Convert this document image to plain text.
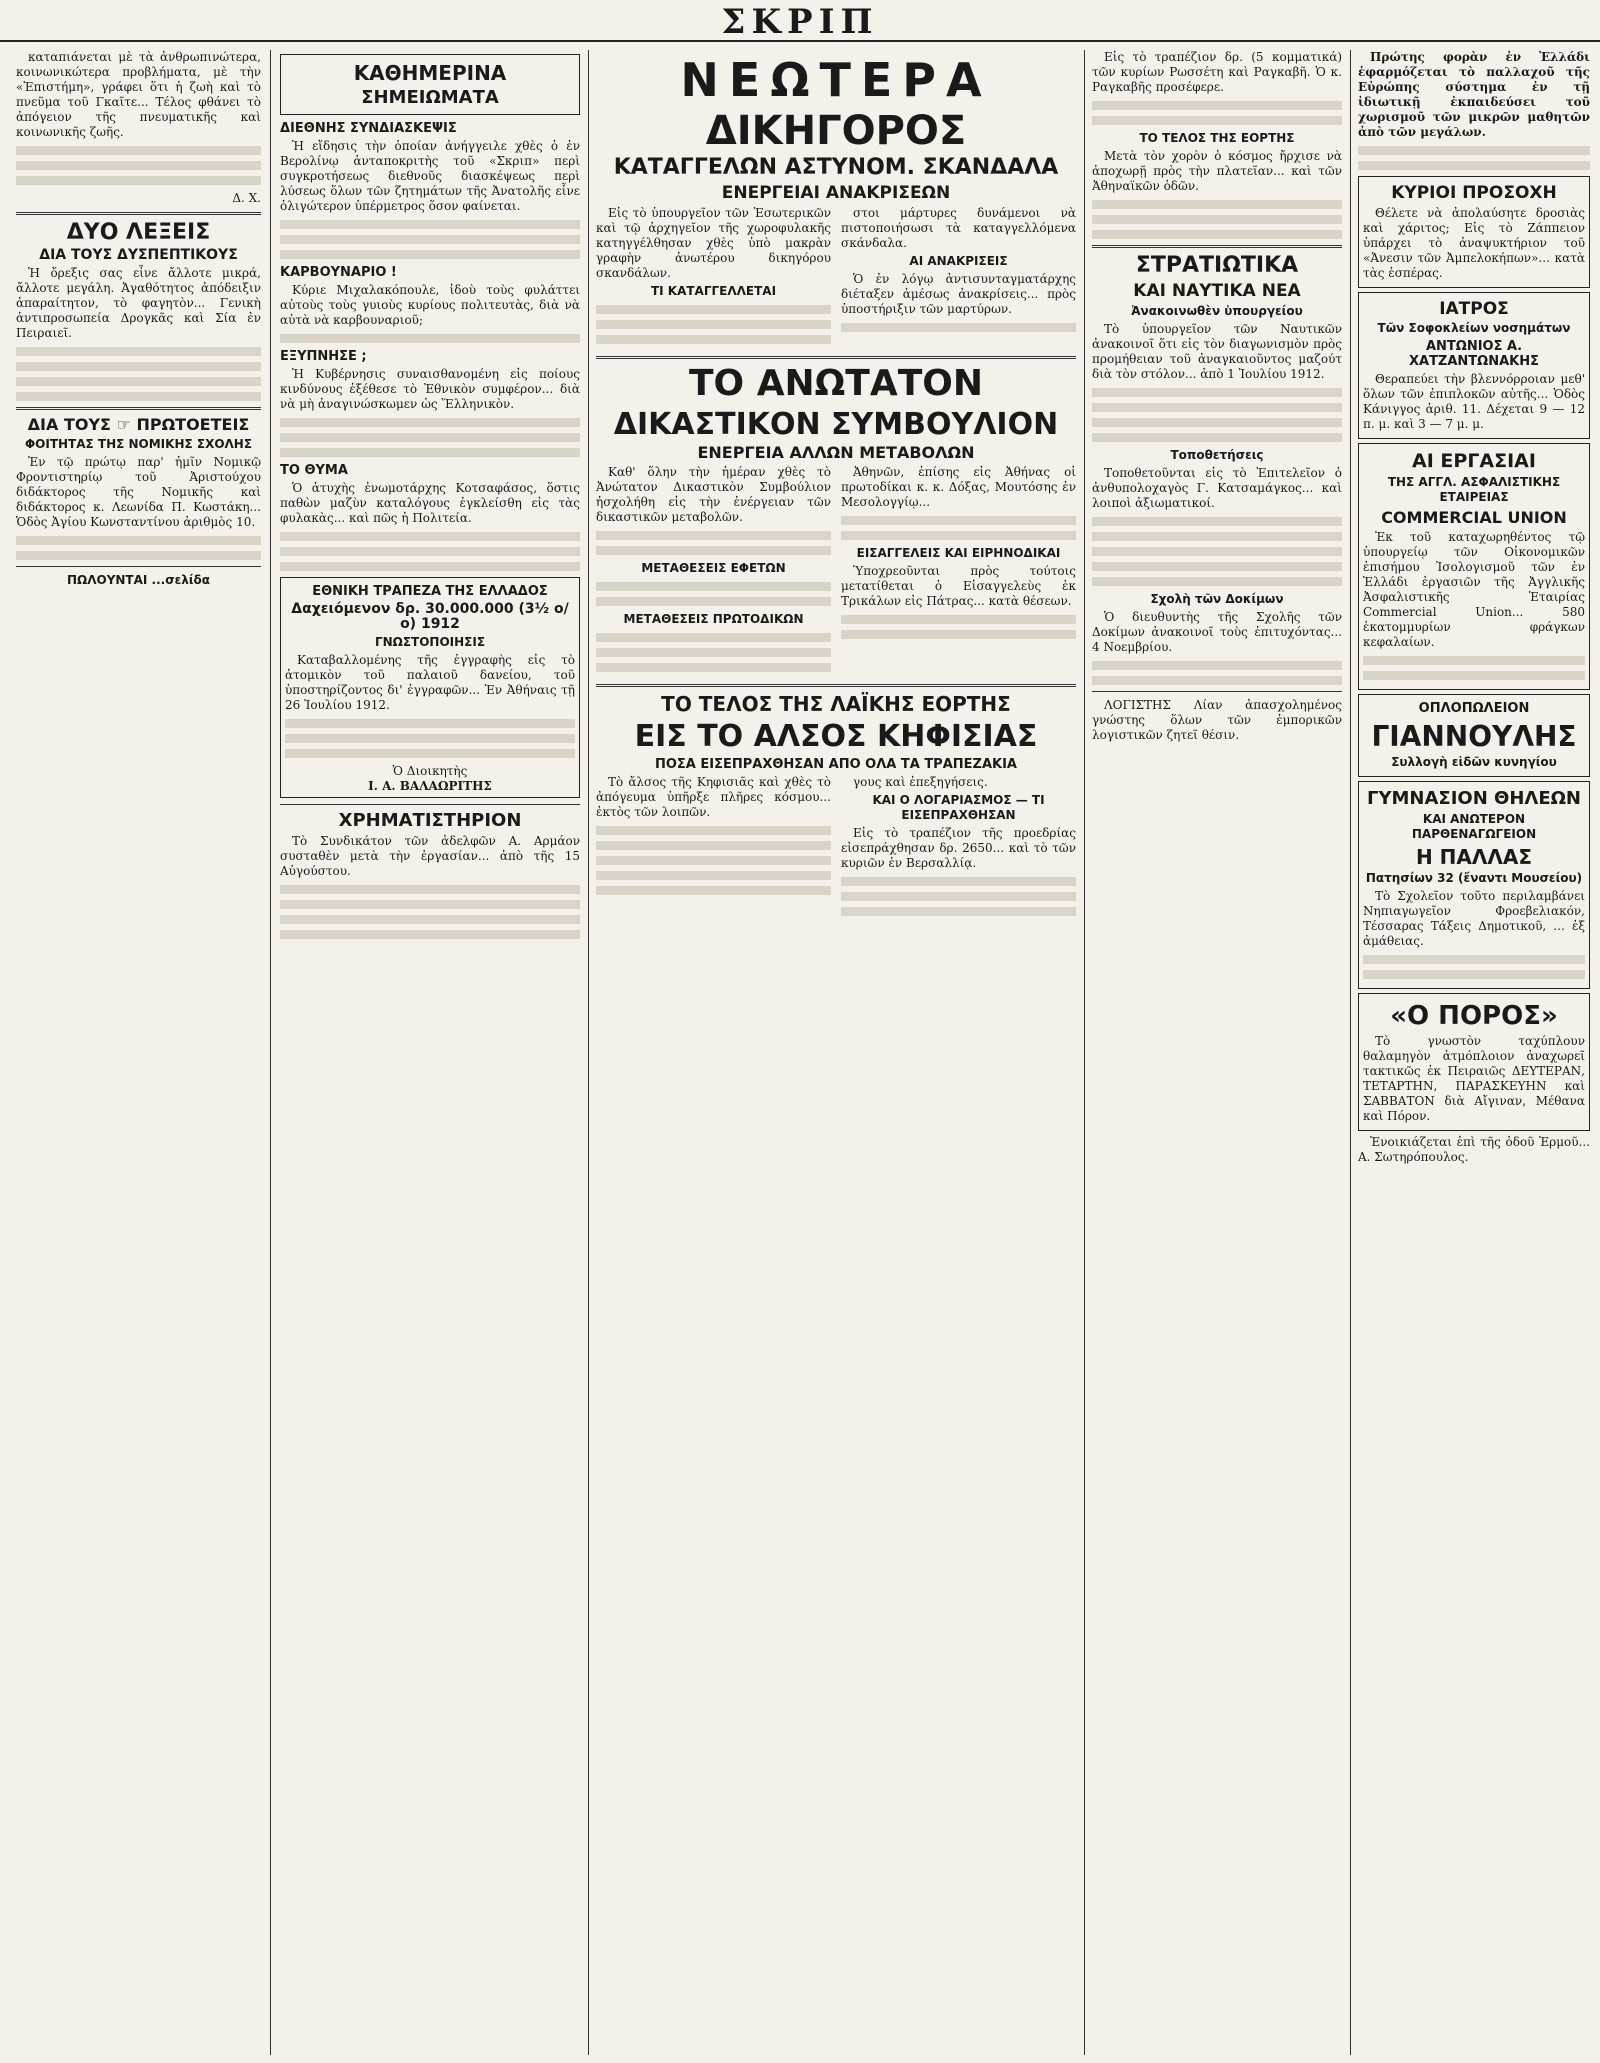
ΣΚΡΙΠ

καταπιάνεται μὲ τὰ ἀνθρωπινώτερα, κοινωνικώτερα προβλήματα, μὲ τὴν «Ἐπιστήμη», γράφει ὅτι ἡ ζωὴ καὶ τὸ πνεῦμα τοῦ Γκαῖτε... Τέλος φθάνει τὸ ἀπόγειον τῆς πνευματικῆς καὶ κοινωνικῆς ζωῆς.

Δ. Χ.
ΔΥΟ ΛΕΞΕΙΣ
ΔΙΑ ΤΟΥΣ ΔΥΣΠΕΠΤΙΚΟΥΣ

Ἡ ὄρεξις σας εἶνε ἄλλοτε μικρά, ἄλλοτε μεγάλη. Ἀγαθότητος ἀπόδειξιν ἀπαραίτητον, τὸ φαγητὸν... Γενικὴ ἀντιπροσωπεία Δρογκᾶς καὶ Σία ἐν Πειραιεῖ.

ΔΙΑ ΤΟΥΣ ☞ ΠΡΩΤΟΕΤΕΙΣ
ΦΟΙΤΗΤΑΣ ΤΗΣ ΝΟΜΙΚΗΣ ΣΧΟΛΗΣ

Ἐν τῷ πρώτῳ παρ' ἡμῖν Νομικῷ Φροντιστηρίῳ τοῦ Ἀριστούχου διδάκτορος τῆς Νομικῆς καὶ διδάκτορος κ. Λεωνίδα Π. Κωστάκη... Ὁδὸς Ἀγίου Κωνσταντίνου ἀριθμὸς 10.

ΠΩΛΟΥΝΤΑΙ ...σελίδα
ΚΑΘΗΜΕΡΙΝΑ
ΣΗΜΕΙΩΜΑΤΑ
ΔΙΕΘΝΗΣ ΣΥΝΔΙΑΣΚΕΨΙΣ

Ἡ εἴδησις τὴν ὁποίαν ἀνήγγειλε χθὲς ὁ ἐν Βερολίνῳ ἀνταποκριτὴς τοῦ «Σκριπ» περὶ συγκροτήσεως διεθνοῦς διασκέψεως περὶ λύσεως ὅλων τῶν ζητημάτων τῆς Ἀνατολῆς εἶνε ὀλιγώτερον ὑπέρμετρος ὅσον φαίνεται.

ΚΑΡΒΟΥΝΑΡΙΟ !

Κύριε Μιχαλακόπουλε, ἰδοὺ τοὺς φυλάττει αὐτοὺς τοὺς γυιοὺς κυρίους πολιτευτὰς, διὰ νὰ αὐτὰ νὰ καρβουναριοῦ;

ΕΞΥΠΝΗΣΕ ;

Ἡ Κυβέρνησις συναισθανομένη εἰς ποίους κινδύνους ἐξέθεσε τὸ Ἐθνικὸν συμφέρον... διὰ νὰ μὴ ἀναγινώσκωμεν ὡς Ἕλληνικὸν.

ΤΟ ΘΥΜΑ

Ὁ ἀτυχὴς ἐνωμοτάρχης Κοτσαφάσος, ὅστις παθὼν μαζὺν καταλόγους ἐγκλείσθη εἰς τὰς φυλακὰς... καὶ πῶς ἡ Πολιτεία.

ΕΘΝΙΚΗ ΤΡΑΠΕΖΑ ΤΗΣ ΕΛΛΑΔΟΣ
Δαχειόμενον δρ. 30.000.000 (3½ ο/ο) 1912
ΓΝΩΣΤΟΠΟΙΗΣΙΣ

Καταβαλλομένης τῆς ἐγγραφὴς εἰς τὸ ἀτομικὸν τοῦ παλαιοῦ δανείου, τοῦ ὑποστηρίζοντος δι' ἐγγραφῶν... Ἐν Ἀθήναις τῇ 26 Ἰουλίου 1912.

Ὁ Διοικητὴς
Ι. Α. ΒΑΛΑΩΡΙΤΗΣ
ΧΡΗΜΑΤΙΣΤΗΡΙΟΝ

Τὸ Συνδικάτον τῶν ἀδελφῶν Α. Αρμάον συσταθὲν μετὰ τὴν ἐργασίαν... ἀπὸ τῆς 15 Αὐγούστου.

ΝΕΩΤΕΡΑ
ΔΙΚΗΓΟΡΟΣ
ΚΑΤΑΓΓΕΛΩΝ ΑΣΤΥΝΟΜ. ΣΚΑΝΔΑΛΑ
ΕΝΕΡΓΕΙΑΙ ΑΝΑΚΡΙΣΕΩΝ

Εἰς τὸ ὑπουργεῖον τῶν Ἐσωτερικῶν καὶ τῷ ἀρχηγεῖον τῆς χωροφυλακῆς κατηγγέλθησαν χθὲς ὑπὸ μακρὰν γραφὴν ἀνωτέρου δικηγόρου σκανδάλων.

ΤΙ ΚΑΤΑΓΓΕΛΛΕΤΑΙ

στοι μάρτυρες δυνάμενοι νὰ πιστοποιήσωσι τὰ καταγγελλόμενα σκάνδαλα.

ΑΙ ΑΝΑΚΡΙΣΕΙΣ

Ὁ ἐν λόγῳ ἀντισυνταγματάρχης διέταξεν ἀμέσως ἀνακρίσεις... πρὸς ὑποστήριξιν τῶν μαρτύρων.

ΤΟ ΑΝΩΤΑΤΟΝ
ΔΙΚΑΣΤΙΚΟΝ ΣΥΜΒΟΥΛΙΟΝ
ΕΝΕΡΓΕΙΑ ΑΛΛΩΝ ΜΕΤΑΒΟΛΩΝ

Καθ' ὅλην τὴν ἡμέραν χθὲς τὸ Ἀνώτατον Δικαστικὸν Συμβούλιον ἠσχολήθη εἰς τὴν ἐνέργειαν τῶν δικαστικῶν μεταβολῶν.

ΜΕΤΑΘΕΣΕΙΣ ΕΦΕΤΩΝ
ΜΕΤΑΘΕΣΕΙΣ ΠΡΩΤΟΔΙΚΩΝ

Ἀθηνῶν, ἐπίσης εἰς Ἀθήνας οἱ πρωτοδίκαι κ. κ. Δόξας, Μουτόσης ἐν Μεσολογγίῳ...

ΕΙΣΑΓΓΕΛΕΙΣ ΚΑΙ ΕΙΡΗΝΟΔΙΚΑΙ

Ὑποχρεοῦνται πρὸς τούτοις μετατίθεται ὁ Εἰσαγγελεὺς ἐκ Τρικάλων εἰς Πάτρας... κατὰ θέσεων.

ΤΟ ΤΕΛΟΣ ΤΗΣ ΛΑΪΚΗΣ ΕΟΡΤΗΣ
ΕΙΣ ΤΟ ΑΛΣΟΣ ΚΗΦΙΣΙΑΣ
ΠΟΣΑ ΕΙΣΕΠΡΑΧΘΗΣΑΝ ΑΠΟ ΟΛΑ ΤΑ ΤΡΑΠΕΖΑΚΙΑ

Τὸ ἄλσος τῆς Κηφισιᾶς καὶ χθὲς τὸ ἀπόγευμα ὑπῆρξε πλῆρες κόσμου... ἐκτὸς τῶν λοιπῶν.

γους καὶ ἐπεξηγήσεις.

ΚΑΙ Ο ΛΟΓΑΡΙΑΣΜΟΣ — ΤΙ ΕΙΣΕΠΡΑΧΘΗΣΑΝ

Εἰς τὸ τραπέζιον τῆς προεδρίας εἰσεπράχθησαν δρ. 2650... καὶ τὸ τῶν κυριῶν ἐν Βερσαλλίᾳ.

Εἰς τὸ τραπέζιον δρ. (5 κομματικά) τῶν κυρίων Ρωσσέτη καὶ Ραγκαβῆ. Ὁ κ. Ραγκαβῆς προσέφερε.

ΤΟ ΤΕΛΟΣ ΤΗΣ ΕΟΡΤΗΣ

Μετὰ τὸν χορὸν ὁ κόσμος ἤρχισε νὰ ἀποχωρῇ πρὸς τὴν πλατεῖαν... καὶ τῶν Ἀθηναϊκῶν ὁδῶν.

ΣΤΡΑΤΙΩΤΙΚΑ
ΚΑΙ ΝΑΥΤΙΚΑ ΝΕΑ
Ἀνακοινωθὲν ὑπουργείου

Τὸ ὑπουργεῖον τῶν Ναυτικῶν ἀνακοινοῖ ὅτι εἰς τὸν διαγωνισμὸν πρὸς προμήθειαν τοῦ ἀναγκαιοῦντος μαζούτ διὰ τὸν στόλον... ἀπὸ 1 Ἰουλίου 1912.

Τοποθετήσεις

Τοποθετοῦνται εἰς τὸ Ἐπιτελεῖον ὁ ἀνθυπολοχαγὸς Γ. Κατσαμάγκος... καὶ λοιποὶ ἀξιωματικοί.

Σχολὴ τῶν Δοκίμων

Ὁ διευθυντὴς τῆς Σχολῆς τῶν Δοκίμων ἀνακοινοῖ τοὺς ἐπιτυχόντας... 4 Νοεμβρίου.

ΛΟΓΙΣΤΗΣ Λίαν ἀπασχολημένος γνώστης ὅλων τῶν ἐμπορικῶν λογιστικῶν ζητεῖ θέσιν.

Πρώτης φορὰν ἐν Ἑλλάδι ἐφαρμόζεται τὸ παλλαχοῦ τῆς Εὐρώπης σύστημα ἐν τῇ ἰδιωτικῇ ἐκπαιδεύσει τοῦ χωρισμοῦ τῶν μικρῶν μαθητῶν ἀπὸ τῶν μεγάλων.

ΚΥΡΙΟΙ ΠΡΟΣΟΧΗ

Θέλετε νὰ ἀπολαύσητε δροσιὰς καὶ χάριτος; Εἰς τὸ Ζάππειον ὑπάρχει τὸ ἀναψυκτήριον τοῦ «Ἀνεσιν τῶν Ἀμπελοκήπων»... κατὰ τὰς ἑσπέρας.

ΙΑΤΡΟΣ
Τῶν Σοφοκλείων νοσημάτων
ΑΝΤΩΝΙΟΣ Α. ΧΑΤΖΑΝΤΩΝΑΚΗΣ

Θεραπεύει τὴν βλεννόρροιαν μεθ' ὅλων τῶν ἐπιπλοκῶν αὐτῆς... Ὁδὸς Κάνιγγος ἀριθ. 11. Δέχεται 9 — 12 π. μ. καὶ 3 — 7 μ. μ.

ΑΙ ΕΡΓΑΣΙΑΙ
ΤΗΣ ΑΓΓΛ. ΑΣΦΑΛΙΣΤΙΚΗΣ ΕΤΑΙΡΕΙΑΣ
COMMERCIAL UNION

Ἐκ τοῦ καταχωρηθέντος τῷ ὑπουργείῳ τῶν Οἰκονομικῶν ἐπισήμου Ἰσολογισμοῦ τῶν ἐν Ἑλλάδι ἐργασιῶν τῆς Ἀγγλικῆς Ἀσφαλιστικῆς Ἑταιρίας Commercial Union... 580 ἑκατομμυρίων φράγκων κεφαλαίων.

ΟΠΛΟΠΩΛΕΙΟΝ
ΓΙΑΝΝΟΥΛΗΣ
Συλλογὴ εἰδῶν κυνηγίου
ΓΥΜΝΑΣΙΟΝ ΘΗΛΕΩΝ
ΚΑΙ ΑΝΩΤΕΡΟΝ ΠΑΡΘΕΝΑΓΩΓΕΙΟΝ
Η ΠΑΛΛΑΣ
Πατησίων 32 (ἔναντι Μουσείου)

Τὸ Σχολεῖον τοῦτο περιλαμβάνει Νηπιαγωγεῖον Φροεβελιακόν, Τέσσαρας Τάξεις Δημοτικοῦ, ... ἐξ ἀμάθειας.

«Ο ΠΟΡΟΣ»

Τὸ γνωστὸν ταχύπλουν θαλαμηγὸν ἀτμόπλοιον ἀναχωρεῖ τακτικῶς ἐκ Πειραιῶς ΔΕΥΤΕΡΑΝ, ΤΕΤΑΡΤΗΝ, ΠΑΡΑΣΚΕΥΗΝ καὶ ΣΑΒΒΑΤΟΝ διὰ Αἴγιναν, Μέθανα καὶ Πόρον.

Ἐνοικιάζεται ἐπὶ τῆς ὁδοῦ Ἑρμοῦ... Α. Σωτηρόπουλος.
